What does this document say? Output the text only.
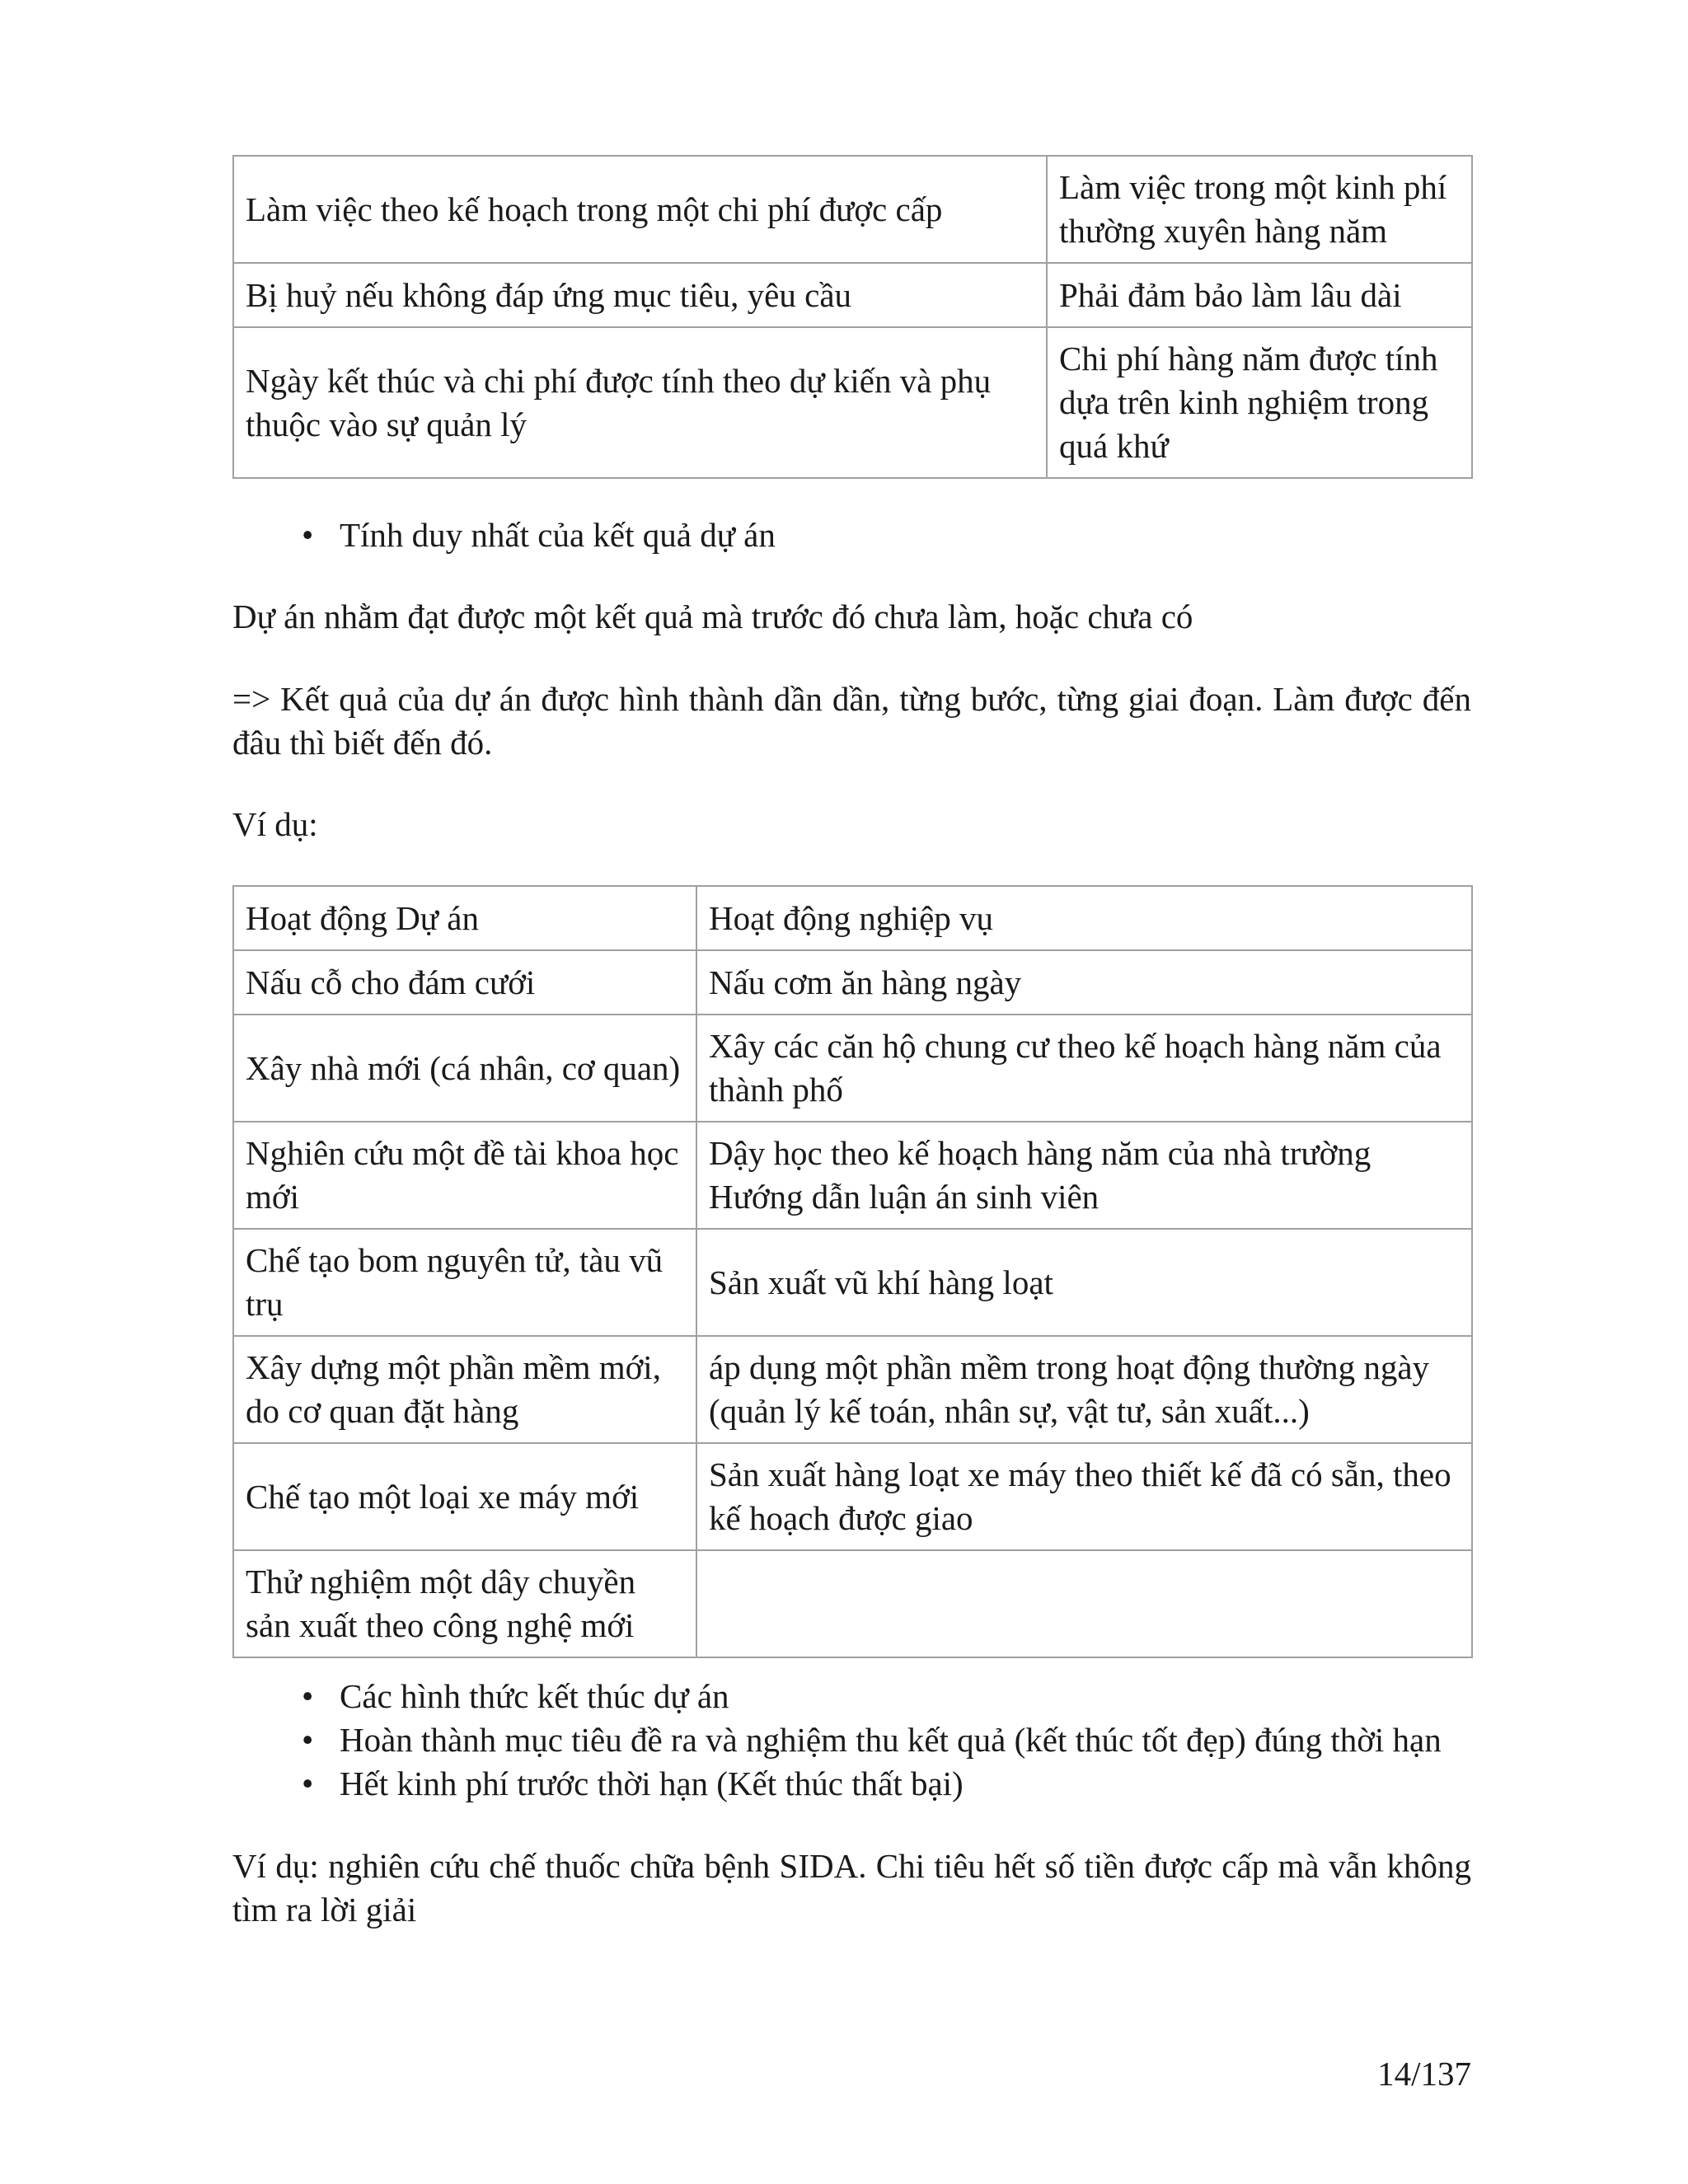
Làm việc theo kế hoạch trong một chi phí được cấp	Làm việc trong một kinh phí thường xuyên hàng năm
Bị huỷ nếu không đáp ứng mục tiêu, yêu cầu	Phải đảm bảo làm lâu dài
Ngày kết thúc và chi phí được tính theo dự kiến và phụ thuộc vào sự quản lý	Chi phí hàng năm được tính dựa trên kinh nghiệm trong quá khứ
• Tính duy nhất của kết quả dự án

Dự án nhằm đạt được một kết quả mà trước đó chưa làm, hoặc chưa có

=> Kết quả của dự án được hình thành dần dần, từng bước, từng giai đoạn. Làm được đến đâu thì biết đến đó.

Ví dụ:

Hoạt động Dự án	Hoạt động nghiệp vụ
Nấu cỗ cho đám cưới	Nấu cơm ăn hàng ngày
Xây nhà mới (cá nhân, cơ quan)	Xây các căn hộ chung cư theo kế hoạch hàng năm của thành phố
Nghiên cứu một đề tài khoa học mới	Dậy học theo kế hoạch hàng năm của nhà trường Hướng dẫn luận án sinh viên
Chế tạo bom nguyên tử, tàu vũ trụ	Sản xuất vũ khí hàng loạt
Xây dựng một phần mềm mới, do cơ quan đặt hàng	áp dụng một phần mềm trong hoạt động thường ngày (quản lý kế toán, nhân sự, vật tư, sản xuất...)
Chế tạo một loại xe máy mới	Sản xuất hàng loạt xe máy theo thiết kế đã có sẵn, theo kế hoạch được giao
Thử nghiệm một dây chuyền sản xuất theo công nghệ mới	
• Các hình thức kết thúc dự án
• Hoàn thành mục tiêu đề ra và nghiệm thu kết quả (kết thúc tốt đẹp) đúng thời hạn
• Hết kinh phí trước thời hạn (Kết thúc thất bại)

Ví dụ: nghiên cứu chế thuốc chữa bệnh SIDA. Chi tiêu hết số tiền được cấp mà vẫn không tìm ra lời giải

14/137
